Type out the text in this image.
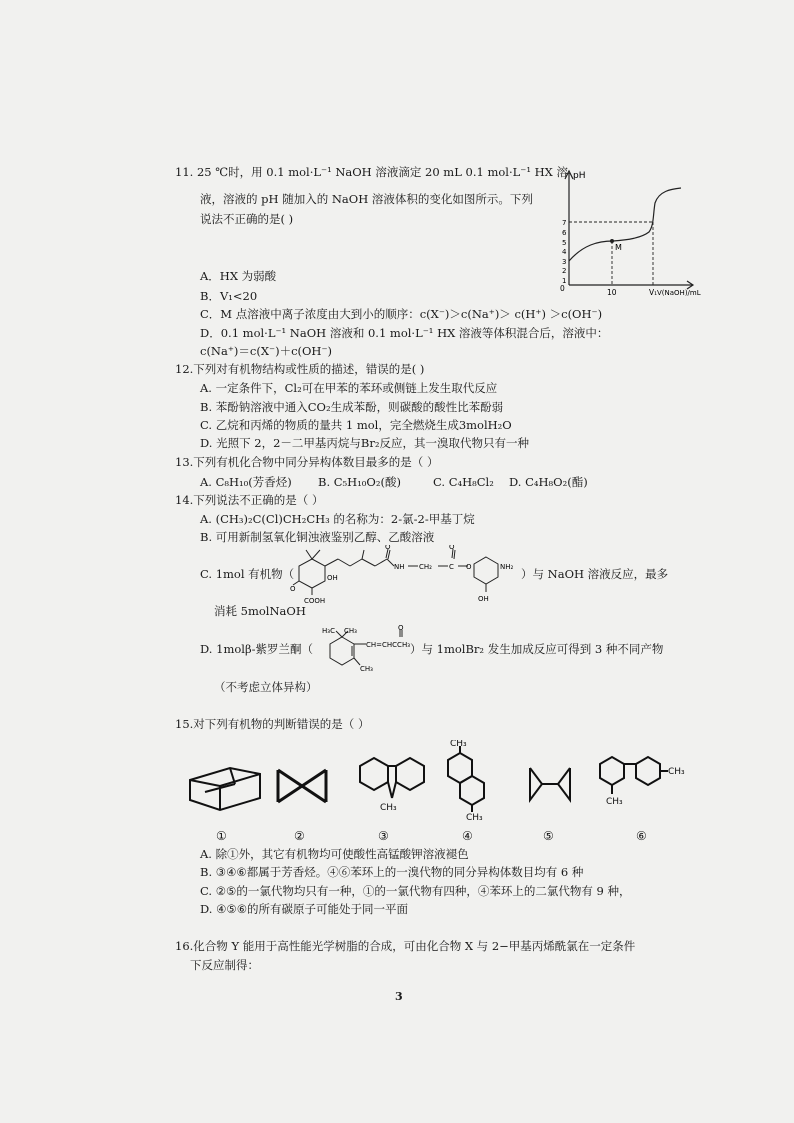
11. 25 ℃时，用 0.1 mol·L⁻¹ NaOH 溶液滴定 20 mL 0.1 mol·L⁻¹ HX 溶
液，溶液的 pH 随加入的 NaOH 溶液体积的变化如图所示。下列
说法不正确的是( )
pH
M
0	10	V₁ V(NaOH)/mL
1
2
3
4
5
6
7
A．HX 为弱酸
B．V₁<20
C．M 点溶液中离子浓度由大到小的顺序：c(X⁻)＞c(Na⁺)＞ c(H⁺) ＞c(OH⁻)
D．0.1 mol·L⁻¹ NaOH 溶液和 0.1 mol·L⁻¹ HX 溶液等体积混合后，溶液中：
c(Na⁺)＝c(X⁻)＋c(OH⁻)
12.下列对有机物结构或性质的描述，错误的是( )
A. 一定条件下，Cl₂可在甲苯的苯环或侧链上发生取代反应
B. 苯酚钠溶液中通入CO₂生成苯酚，则碳酸的酸性比苯酚弱
C. 乙烷和丙烯的物质的量共 1 mol，完全燃烧生成3molH₂O
D. 光照下 2，2－二甲基丙烷与Br₂反应，其一溴取代物只有一种
13.下列有机化合物中同分异构体数目最多的是（ ）
A. C₈H₁₀(芳香烃) B. C₅H₁₀O₂(酸)	C. C₄H₈Cl₂ D. C₄H₈O₂(酯)
14.下列说法不正确的是（ ）
A. (CH₃)₂C(Cl)CH₂CH₃ 的名称为：2-氯-2-甲基丁烷
B. 可用新制氢氧化铜浊液鉴别乙醇、乙酸溶液
C. 1mol 有机物（	OH
O
COOH
O
NH CH₂
O
C O	NH₂
OH
）与 NaOH 溶液反应，最多
消耗 5molNaOH
D. 1molβ-紫罗兰酮（
H₃C CH₃	O
CH=CHCCH₃
CH₃
）与 1molBr₂ 发生加成反应可得到 3 种不同产物
（不考虑立体异构）
15.对下列有机物的判断错误的是（ ）
CH₃
CH₃
CH₃
CH₃
CH₃
①	②	③	④	⑤	⑥
A. 除①外，其它有机物均可使酸性高锰酸钾溶液褪色
B. ③④⑥都属于芳香烃。④⑥苯环上的一溴代物的同分异构体数目均有 6 种
C. ②⑤的一氯代物均只有一种，①的一氯代物有四种，④苯环上的二氯代物有 9 种，
D. ④⑤⑥的所有碳原子可能处于同一平面
16.化合物 Y 能用于高性能光学树脂的合成，可由化合物 X 与 2−甲基丙烯酰氯在一定条件
下反应制得：
3
